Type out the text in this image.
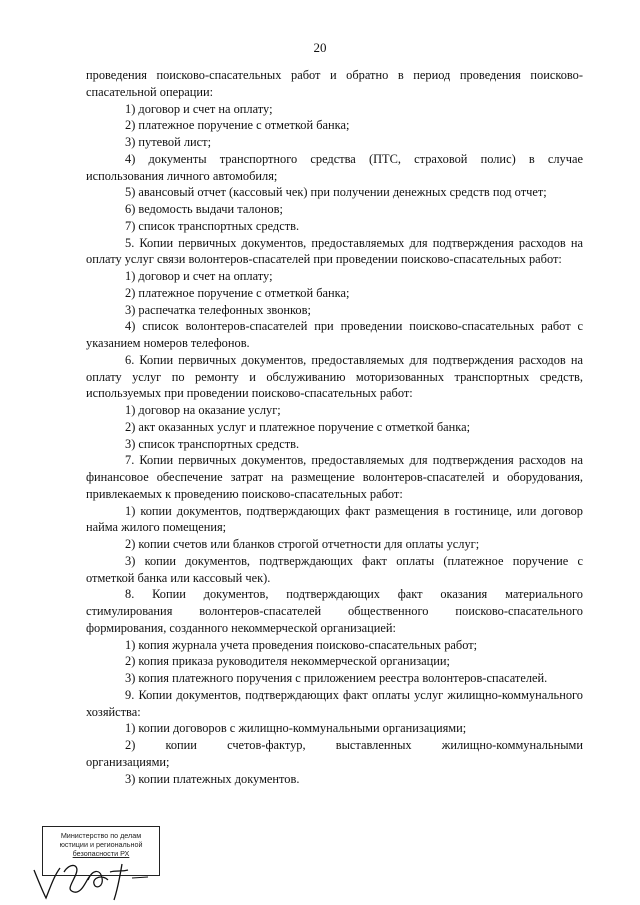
20

проведения поисково-спасательных работ и обратно в период проведения поисково-спасательной операции:

1) договор и счет на оплату;

2) платежное поручение с отметкой банка;

3) путевой лист;

4) документы транспортного средства (ПТС, страховой полис) в случае использования личного автомобиля;

5) авансовый отчет (кассовый чек) при получении денежных средств под отчет;

6) ведомость выдачи талонов;

7) список транспортных средств.

5. Копии первичных документов, предоставляемых для подтверждения расходов на оплату услуг связи волонтеров-спасателей при проведении поисково-спасательных работ:

1) договор и счет на оплату;

2) платежное поручение с отметкой банка;

3) распечатка телефонных звонков;

4) список волонтеров-спасателей при проведении поисково-спасательных работ с указанием номеров телефонов.

6. Копии первичных документов, предоставляемых для подтверждения расходов на оплату услуг по ремонту и обслуживанию моторизованных транспортных средств, используемых при проведении поисково-спасательных работ:

1) договор на оказание услуг;

2) акт оказанных услуг и платежное поручение с отметкой банка;

3) список транспортных средств.

7. Копии первичных документов, предоставляемых для подтверждения расходов на финансовое обеспечение затрат на размещение волонтеров-спасателей и оборудования, привлекаемых к проведению поисково-спасательных работ:

1) копии документов, подтверждающих факт размещения в гостинице, или договор найма жилого помещения;

2) копии счетов или бланков строгой отчетности для оплаты услуг;

3) копии документов, подтверждающих факт оплаты (платежное поручение с отметкой банка или кассовый чек).

8. Копии документов, подтверждающих факт оказания материального стимулирования волонтеров-спасателей общественного поисково-спасательного формирования, созданного некоммерческой организацией:

1) копия журнала учета проведения поисково-спасательных работ;

2) копия приказа руководителя некоммерческой организации;

3) копия платежного поручения с приложением реестра волонтеров-спасателей.

9. Копии документов, подтверждающих факт оплаты услуг жилищно-коммунального хозяйства:

1) копии договоров с жилищно-коммунальными организациями;

2) копии счетов-фактур, выставленных жилищно-коммунальными организациями;

3) копии платежных документов.

Министерство по делам
юстиции и региональной
безопасности РХ
